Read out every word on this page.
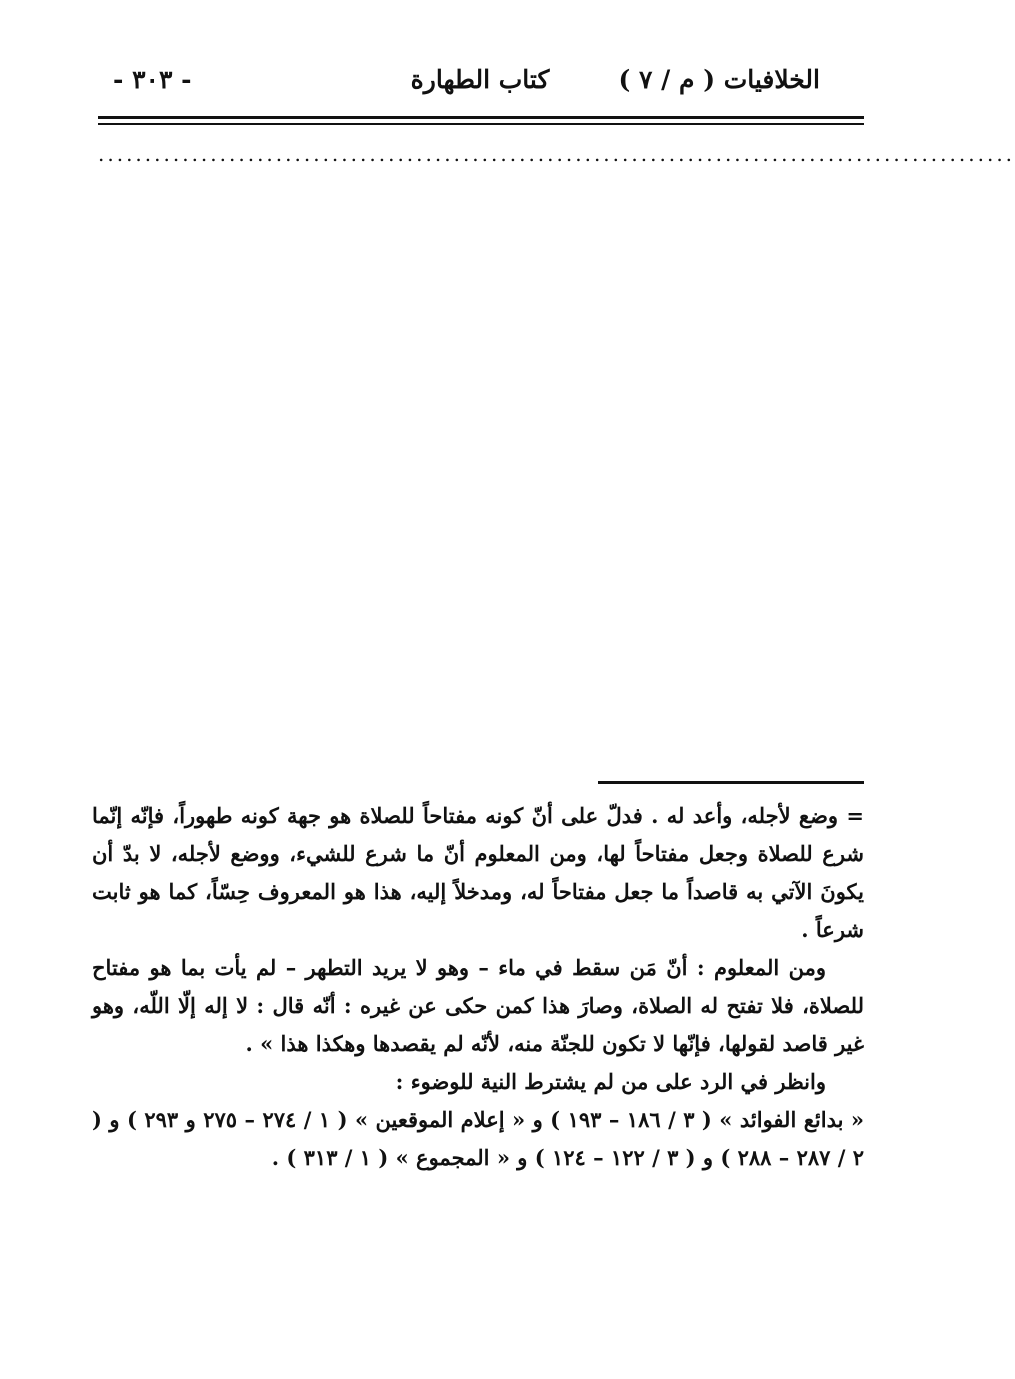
الخلافيات ( م / ٧ )
كتاب الطهارة
- ٣٠٣ -
..................................................................................................

= وضع لأجله، وأعد له . فدلّ على أنّ كونه مفتاحاً للصلاة هو جهة كونه طهوراً، فإنّه إنّما شرع للصلاة وجعل مفتاحاً لها، ومن المعلوم أنّ ما شرع للشيء، ووضع لأجله، لا بدّ أن يكونَ الآتي به قاصداً ما جعل مفتاحاً له، ومدخلاً إليه، هذا هو المعروف حِسّاً، كما هو ثابت شرعاً .

ومن المعلوم : أنّ مَن سقط في ماء – وهو لا يريد التطهر – لم يأت بما هو مفتاح للصلاة، فلا تفتح له الصلاة، وصارَ هذا كمن حكى عن غيره : أنّه قال : لا إله إلّا اللّه، وهو غير قاصد لقولها، فإنّها لا تكون للجنّة منه، لأنّه لم يقصدها وهكذا هذا » .

وانظر في الرد على من لم يشترط النية للوضوء :

« بدائع الفوائد » ( ٣ / ١٨٦ – ١٩٣ ) و « إعلام الموقعين » ( ١ / ٢٧٤ – ٢٧٥ و ٢٩٣ ) و ( ٢ / ٢٨٧ – ٢٨٨ ) و ( ٣ / ١٢٢ – ١٢٤ ) و « المجموع » ( ١ / ٣١٣ ) .
